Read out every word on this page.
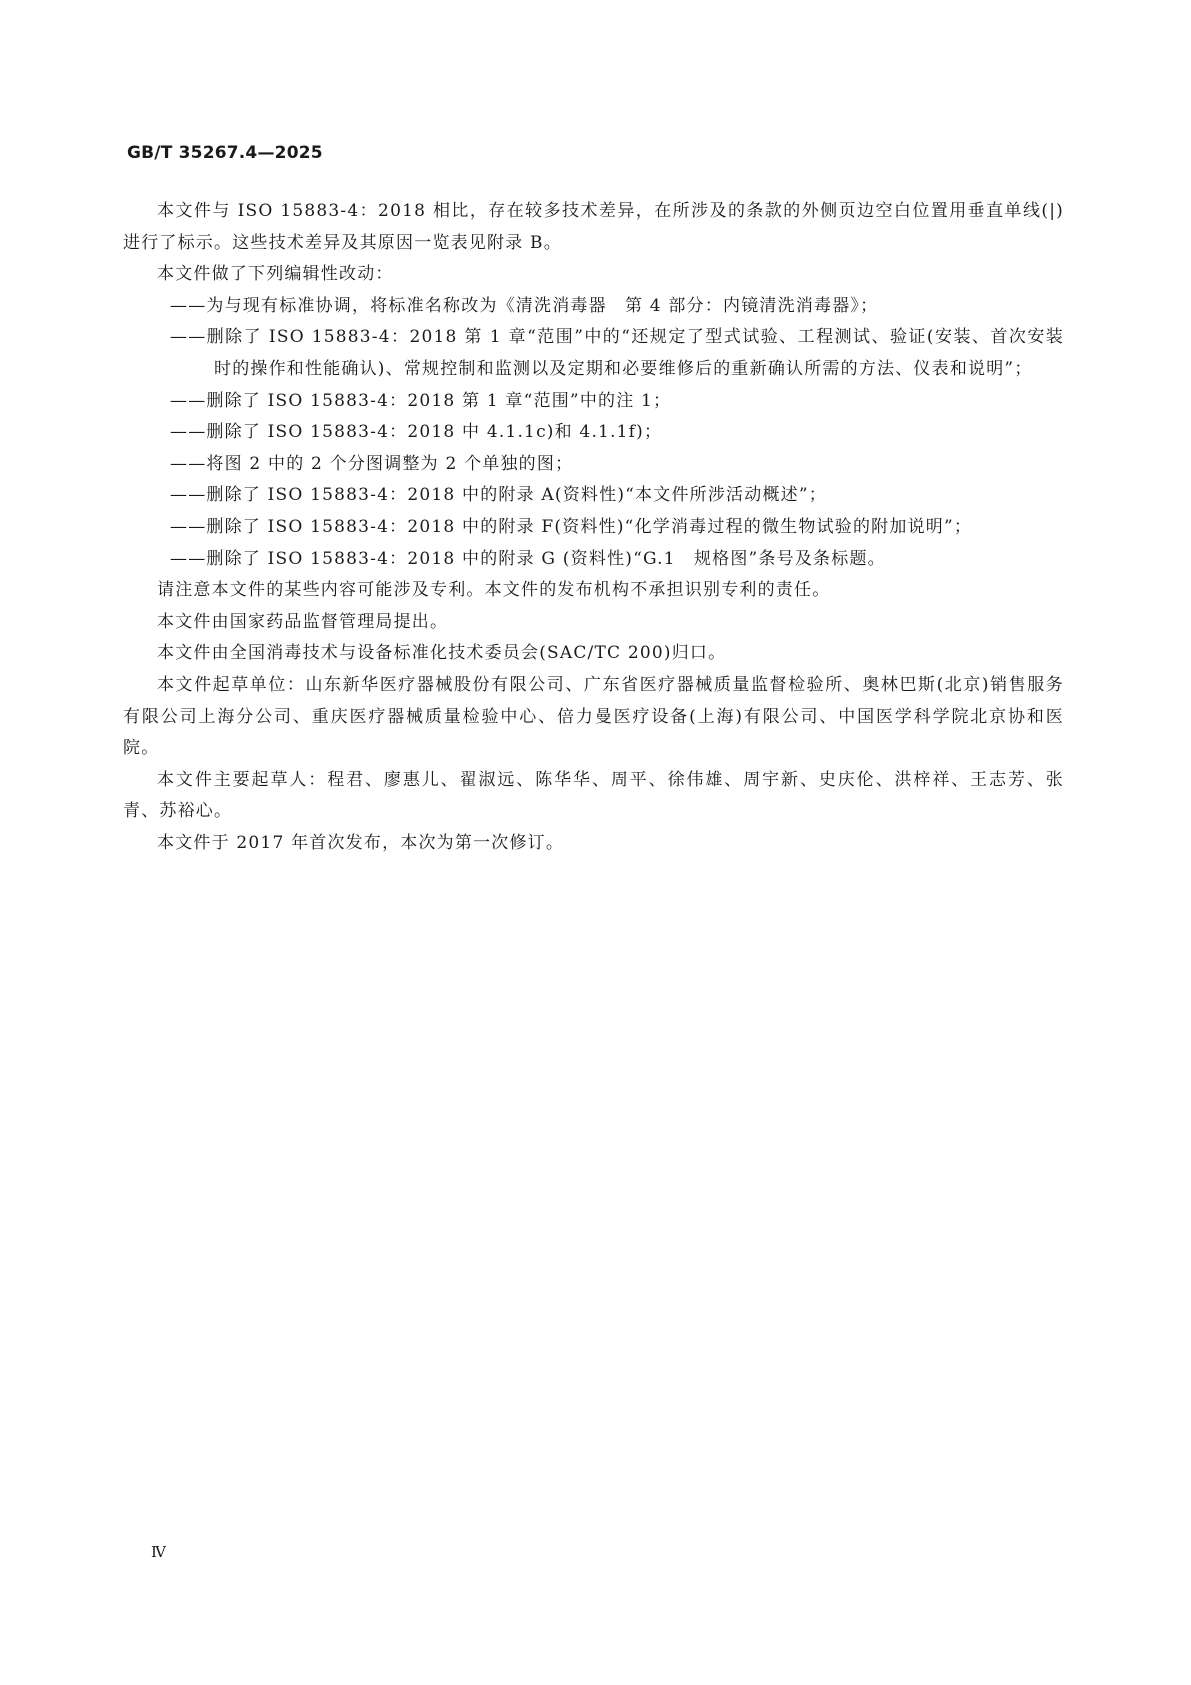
GB/T 35267.4—2025

本文件与 ISO 15883-4：2018 相比，存在较多技术差异，在所涉及的条款的外侧页边空白位置用垂直单线(|)进行了标示。这些技术差异及其原因一览表见附录 B。

本文件做了下列编辑性改动：

——为与现有标准协调，将标准名称改为《清洗消毒器　第 4 部分：内镜清洗消毒器》；

——删除了 ISO 15883-4：2018 第 1 章“范围”中的“还规定了型式试验、工程测试、验证(安装、首次安装时的操作和性能确认)、常规控制和监测以及定期和必要维修后的重新确认所需的方法、仪表和说明”；

——删除了 ISO 15883-4：2018 第 1 章“范围”中的注 1；

——删除了 ISO 15883-4：2018 中 4.1.1c)和 4.1.1f)；

——将图 2 中的 2 个分图调整为 2 个单独的图；

——删除了 ISO 15883-4：2018 中的附录 A(资料性)“本文件所涉活动概述”；

——删除了 ISO 15883-4：2018 中的附录 F(资料性)“化学消毒过程的微生物试验的附加说明”；

——删除了 ISO 15883-4：2018 中的附录 G (资料性)“G.1　规格图”条号及条标题。

请注意本文件的某些内容可能涉及专利。本文件的发布机构不承担识别专利的责任。

本文件由国家药品监督管理局提出。

本文件由全国消毒技术与设备标准化技术委员会(SAC/TC 200)归口。

本文件起草单位：山东新华医疗器械股份有限公司、广东省医疗器械质量监督检验所、奥林巴斯(北京)销售服务有限公司上海分公司、重庆医疗器械质量检验中心、倍力曼医疗设备(上海)有限公司、中国医学科学院北京协和医院。

本文件主要起草人：程君、廖惠儿、翟淑远、陈华华、周平、徐伟雄、周宇新、史庆伦、洪梓祥、王志芳、张青、苏裕心。

本文件于 2017 年首次发布，本次为第一次修订。

Ⅳ
